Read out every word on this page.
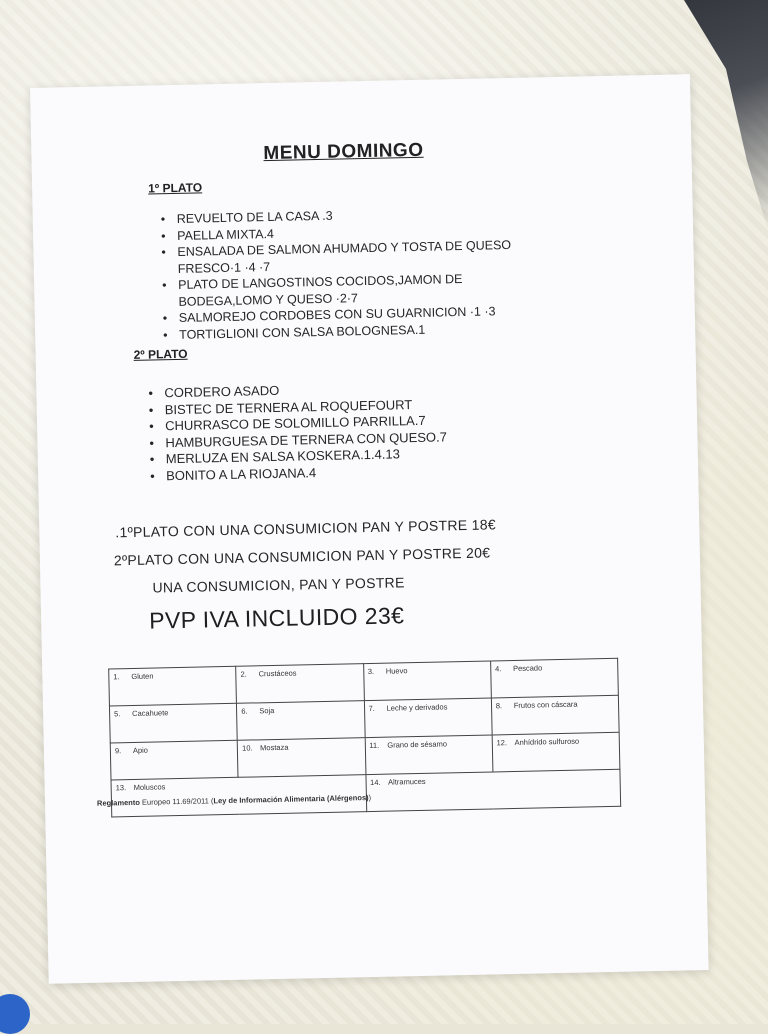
MENU DOMINGO
1º PLATO
• REVUELTO DE LA CASA .3
• PAELLA MIXTA.4
• ENSALADA DE SALMON AHUMADO Y TOSTA DE QUESO
FRESCO·1 ·4 ·7
• PLATO DE LANGOSTINOS COCIDOS,JAMON DE
BODEGA,LOMO Y QUESO ·2·7
• SALMOREJO CORDOBES CON SU GUARNICION ·1 ·3
• TORTIGLIONI CON SALSA BOLOGNESA.1
2º PLATO
• CORDERO ASADO
• BISTEC DE TERNERA AL ROQUEFOURT
• CHURRASCO DE SOLOMILLO PARRILLA.7
• HAMBURGUESA DE TERNERA CON QUESO.7
• MERLUZA EN SALSA KOSKERA.1.4.13
• BONITO A LA RIOJANA.4
.1ºPLATO CON UNA CONSUMICION PAN Y POSTRE 18€
2ºPLATO CON UNA CONSUMICION PAN Y POSTRE 20€
UNA CONSUMICION, PAN Y POSTRE
PVP IVA INCLUIDO 23€
1. Gluten	2. Crustáceos	3. Huevo	4. Pescado
5. Cacahuete	6. Soja	7. Leche y derivados	8. Frutos con cáscara
9. Apio	10. Mostaza	11. Grano de sésamo	12. Anhídrido sulfuroso
13. Moluscos		14. Altramuces	
Reglamento Europeo 11.69/2011 (Ley de Información Alimentaria (Alérgenos))
